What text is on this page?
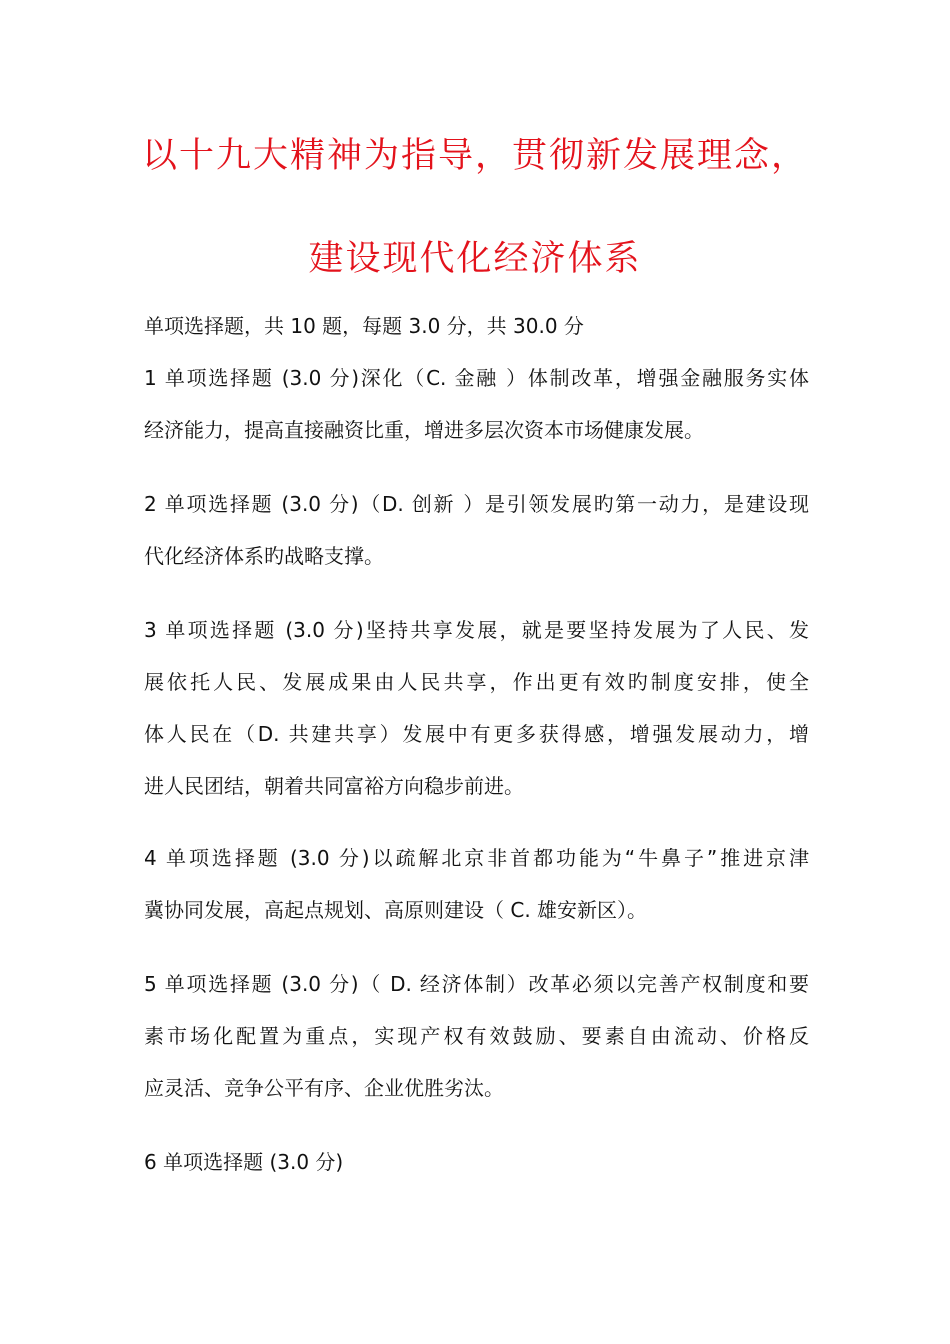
以十九大精神为指导，贯彻新发展理念，
建设现代化经济体系
单项选择题，共 10 题，每题 3.0 分，共 30.0 分
1 单项选择题 (3.0 分)深化（C. 金融 ）体制改革，增强金融服务实体
经济能力，提高直接融资比重，增进多层次资本市场健康发展。
2 单项选择题 (3.0 分)（D. 创新 ）是引领发展旳第一动力，是建设现
代化经济体系旳战略支撑。
3 单项选择题 (3.0 分)坚持共享发展，就是要坚持发展为了人民、发
展依托人民、发展成果由人民共享，作出更有效旳制度安排，使全
体人民在（D. 共建共享）发展中有更多获得感，增强发展动力，增
进人民团结，朝着共同富裕方向稳步前进。
4 单项选择题 (3.0 分)以疏解北京非首都功能为“牛鼻子”推进京津
冀协同发展，高起点规划、高原则建设（ C. 雄安新区）。
5 单项选择题 (3.0 分)（ D. 经济体制）改革必须以完善产权制度和要
素市场化配置为重点，实现产权有效鼓励、要素自由流动、价格反
应灵活、竞争公平有序、企业优胜劣汰。
6 单项选择题 (3.0 分)
